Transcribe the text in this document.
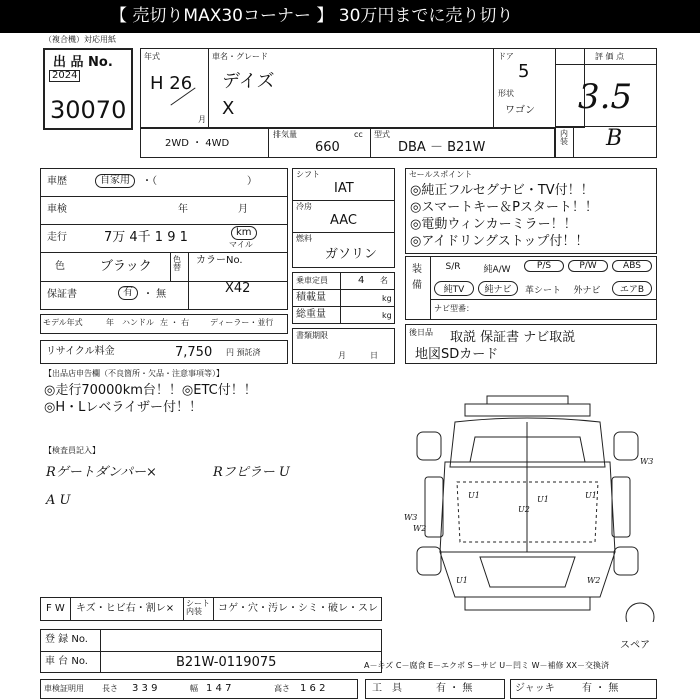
【 売切りMAX30コーナー 】 30万円までに売り切り
（複合機）対応用紙
出 品 No.
2024
30070
年式
H 26
月
車名・グレード
デイズ
X
ドア
5
形状
ワゴン
評 価 点
3.5
内装 B
2WD ・ 4WD
排気量
660
cc 型式
DBA － B21W
車歴	自家用	・（　　　　　　　　　）
車検	年　　　　　月
走行	7万 4千 1 9 1	km
マイル
色	ブラック	色替
カラーNo.
X42
保証書	有	・ 無
モデル年式	年 ハンドル 左 ・ 右	ディーラー・並行
リサイクル料金	7,750 円 預託済
シフト
IAT
冷房
AAC
燃料
ガソリン
乗車定員	4 名
積載量	kg
総重量	kg
書類期限
月　　　日
セールスポイント
◎純正フルセグナビ・TV付！！
◎スマートキー＆Pスタート！！
◎電動ウィンカーミラー！！
◎アイドリングストップ付！！
装備
S/R	純A/W	P/S	P/W	ABS
純TV	純ナビ	革シート	外ナビ	エアB
ナビ型番：
後日品 取説 保証書 ナビ取説
地図SDカード
【出品店申告欄（不良箇所・欠品・注意事項等）】
◎走行70000km台！！◎ETC付！！
◎H・Lレベライザー付！！
【検査員記入】
Rゲートダンパー×	Rフピラー U
A U
W3
W3
U2
U1	U1
U1
W2
W2
U1
スペア
F W キズ・ヒビ右・割レ× シート内装	コゲ・穴・汚レ・シミ・破レ・スレ
登 録 No.
車 台 No.	B21W-0119075	A－キズ C－腐食 E－エクボ S－サビ U－凹ミ W－補修 XX－交換済
車検証明用 長さ 3 3 9	幅 1 4 7	高さ 1 6 2	工　具	有 ・ 無	ジャッキ	有 ・ 無
